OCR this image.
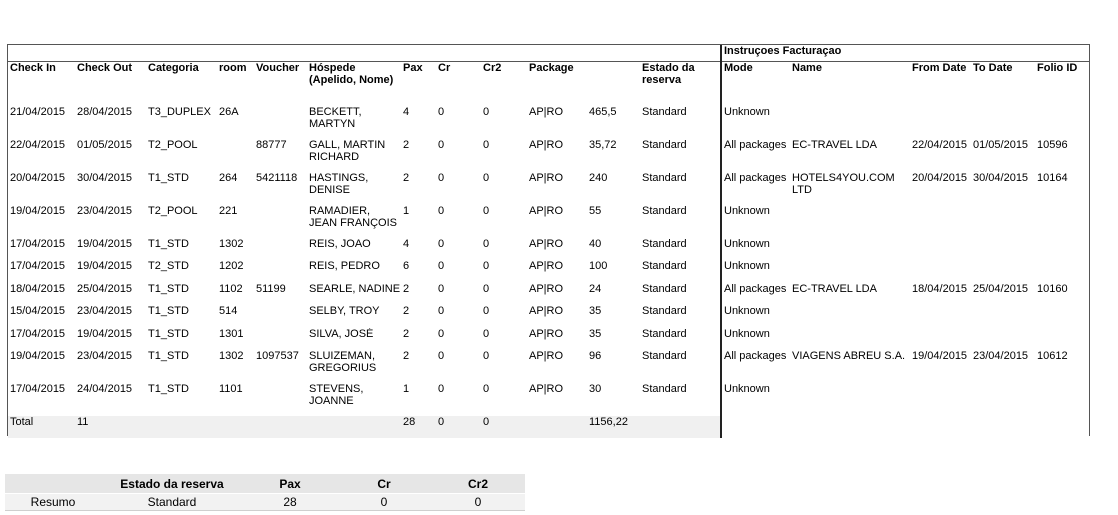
												Instruçoes Facturaçao				
Check In	Check Out	Categoria	room	Voucher	Hóspede (Apelido, Nome)	Pax	Cr	Cr2	Package		Estado da reserva	Mode	Name	From Date	To Date	Folio ID
21/04/2015	28/04/2015	T3_DUPLEX	26A		BECKETT, MARTYN	4	0	0	AP|RO	465,5	Standard	Unknown				
22/04/2015	01/05/2015	T2_POOL		88777	GALL, MARTIN RICHARD	2	0	0	AP|RO	35,72	Standard	All packages	EC-TRAVEL LDA	22/04/2015	01/05/2015	10596
20/04/2015	30/04/2015	T1_STD	264	5421118	HASTINGS, DENISE	2	0	0	AP|RO	240	Standard	All packages	HOTELS4YOU.COM LTD	20/04/2015	30/04/2015	10164
19/04/2015	23/04/2015	T2_POOL	221		RAMADIER, JEAN FRANÇOIS	1	0	0	AP|RO	55	Standard	Unknown				
17/04/2015	19/04/2015	T1_STD	1302		REIS, JOAO	4	0	0	AP|RO	40	Standard	Unknown				
17/04/2015	19/04/2015	T2_STD	1202		REIS, PEDRO	6	0	0	AP|RO	100	Standard	Unknown				
18/04/2015	25/04/2015	T1_STD	1102	51199	SEARLE, NADINE	2	0	0	AP|RO	24	Standard	All packages	EC-TRAVEL LDA	18/04/2015	25/04/2015	10160
15/04/2015	23/04/2015	T1_STD	514		SELBY, TROY	2	0	0	AP|RO	35	Standard	Unknown				
17/04/2015	19/04/2015	T1_STD	1301		SILVA, JOSÉ	2	0	0	AP|RO	35	Standard	Unknown				
19/04/2015	23/04/2015	T1_STD	1302	1097537	SLUIZEMAN, GREGORIUS	2	0	0	AP|RO	96	Standard	All packages	VIAGENS ABREU S.A.	19/04/2015	23/04/2015	10612
17/04/2015	24/04/2015	T1_STD	1101		STEVENS, JOANNE	1	0	0	AP|RO	30	Standard	Unknown				
Total	11					28	0	0		1156,22						
	Estado da reserva	Pax	Cr	Cr2
Resumo	Standard	28	0	0
